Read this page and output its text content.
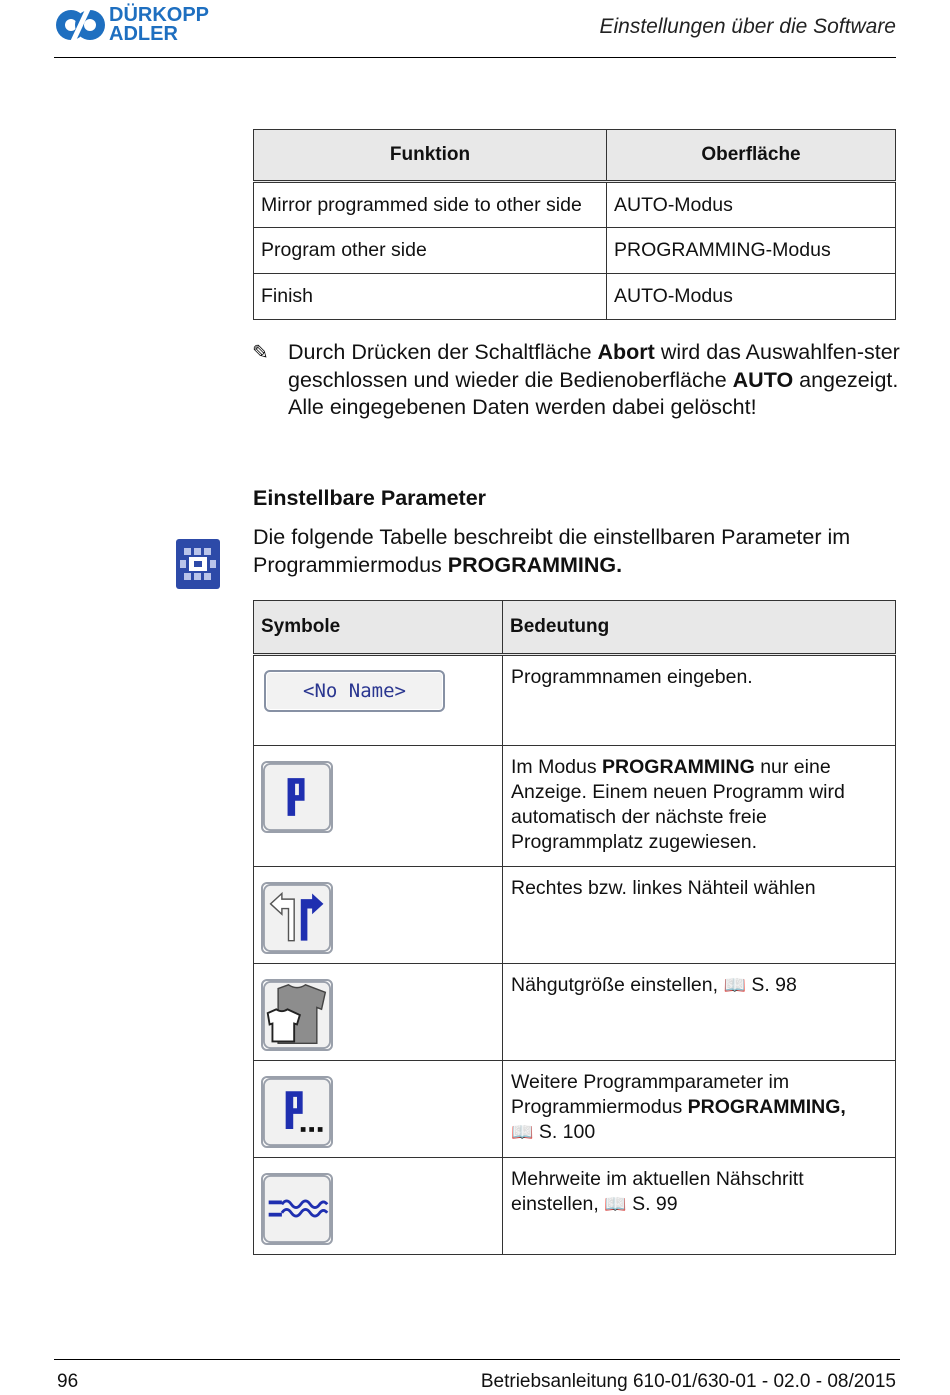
DÜRKOPP
ADLER	Einstellungen über die Software
Funktion	Oberfläche
Mirror programmed side to other side	AUTO-Modus
Program other side	PROGRAMMING-Modus
Finish	AUTO-Modus
✎ Durch Drücken der Schaltfläche Abort wird das Auswahlfen-ster geschlossen und wieder die Bedienoberfläche AUTO angezeigt. Alle eingegebenen Daten werden dabei gelöscht!
Einstellbare Parameter
Die folgende Tabelle beschreibt die einstellbaren Parameter im Programmiermodus PROGRAMMING.
Symbole	Bedeutung

<No Name>	Programmnamen eingeben.

	Im Modus PROGRAMMING nur eine Anzeige. Einem neuen Programm wird automatisch der nächste freie Programmplatz zugewiesen.

	Rechtes bzw. linkes Nähteil wählen

	Nähgutgröße einstellen, 📖 S. 98

	Weitere Programmparameter im Programmiermodus PROGRAMMING,
📖 S. 100

	Mehrweite im aktuellen Nähschritt einstellen, 📖 S. 99
96	Betriebsanleitung 610-01/630-01 - 02.0 - 08/2015
